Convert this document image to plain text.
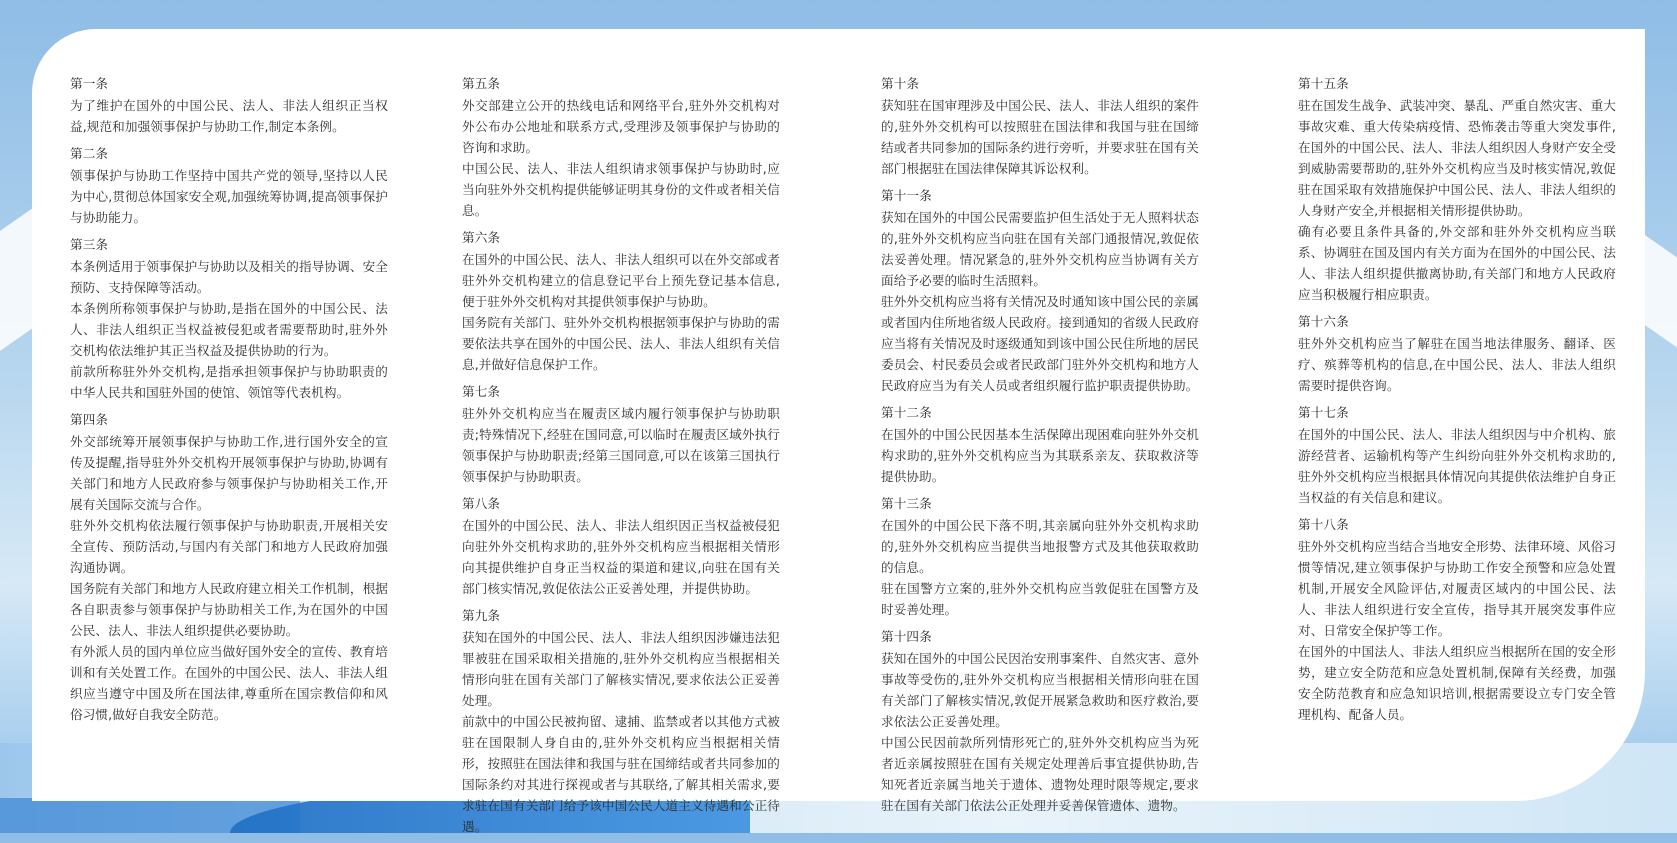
第一条

为了维护在国外的中国公民、法人、非法人组织正当权益,规范和加强领事保护与协助工作,制定本条例。

第二条

领事保护与协助工作坚持中国共产党的领导,坚持以人民为中心,贯彻总体国家安全观,加强统筹协调,提高领事保护与协助能力。

第三条

本条例适用于领事保护与协助以及相关的指导协调、安全预防、支持保障等活动。

本条例所称领事保护与协助,是指在国外的中国公民、法人、非法人组织正当权益被侵犯或者需要帮助时,驻外外交机构依法维护其正当权益及提供协助的行为。

前款所称驻外外交机构,是指承担领事保护与协助职责的中华人民共和国驻外国的使馆、领馆等代表机构。

第四条

外交部统筹开展领事保护与协助工作,进行国外安全的宣传及提醒,指导驻外外交机构开展领事保护与协助,协调有关部门和地方人民政府参与领事保护与协助相关工作,开展有关国际交流与合作。

驻外外交机构依法履行领事保护与协助职责,开展相关安全宣传、预防活动,与国内有关部门和地方人民政府加强沟通协调。

国务院有关部门和地方人民政府建立相关工作机制，根据各自职责参与领事保护与协助相关工作,为在国外的中国公民、法人、非法人组织提供必要协助。

有外派人员的国内单位应当做好国外安全的宣传、教育培训和有关处置工作。在国外的中国公民、法人、非法人组织应当遵守中国及所在国法律,尊重所在国宗教信仰和风俗习惯,做好自我安全防范。

第五条

外交部建立公开的热线电话和网络平台,驻外外交机构对外公布办公地址和联系方式,受理涉及领事保护与协助的咨询和求助。

中国公民、法人、非法人组织请求领事保护与协助时,应当向驻外外交机构提供能够证明其身份的文件或者相关信息。

第六条

在国外的中国公民、法人、非法人组织可以在外交部或者驻外外交机构建立的信息登记平台上预先登记基本信息,便于驻外外交机构对其提供领事保护与协助。

国务院有关部门、驻外外交机构根据领事保护与协助的需要依法共享在国外的中国公民、法人、非法人组织有关信息,并做好信息保护工作。

第七条

驻外外交机构应当在履责区域内履行领事保护与协助职责;特殊情况下,经驻在国同意,可以临时在履责区域外执行领事保护与协助职责;经第三国同意,可以在该第三国执行领事保护与协助职责。

第八条

在国外的中国公民、法人、非法人组织因正当权益被侵犯向驻外外交机构求助的,驻外外交机构应当根据相关情形向其提供维护自身正当权益的渠道和建议,向驻在国有关部门核实情况,敦促依法公正妥善处理，并提供协助。

第九条

获知在国外的中国公民、法人、非法人组织因涉嫌违法犯罪被驻在国采取相关措施的,驻外外交机构应当根据相关情形向驻在国有关部门了解核实情况,要求依法公正妥善处理。

前款中的中国公民被拘留、逮捕、监禁或者以其他方式被驻在国限制人身自由的,驻外外交机构应当根据相关情形，按照驻在国法律和我国与驻在国缔结或者共同参加的国际条约对其进行探视或者与其联络,了解其相关需求,要求驻在国有关部门给予该中国公民人道主义待遇和公正待遇。

第十条

获知驻在国审理涉及中国公民、法人、非法人组织的案件的,驻外外交机构可以按照驻在国法律和我国与驻在国缔结或者共同参加的国际条约进行旁听，并要求驻在国有关部门根据驻在国法律保障其诉讼权利。

第十一条

获知在国外的中国公民需要监护但生活处于无人照料状态的,驻外外交机构应当向驻在国有关部门通报情况,敦促依法妥善处理。情况紧急的,驻外外交机构应当协调有关方面给予必要的临时生活照料。

驻外外交机构应当将有关情况及时通知该中国公民的亲属或者国内住所地省级人民政府。接到通知的省级人民政府应当将有关情况及时逐级通知到该中国公民住所地的居民委员会、村民委员会或者民政部门驻外外交机构和地方人民政府应当为有关人员或者组织履行监护职责提供协助。

第十二条

在国外的中国公民因基本生活保障出现困难向驻外外交机构求助的,驻外外交机构应当为其联系亲友、获取救济等提供协助。

第十三条

在国外的中国公民下落不明,其亲属向驻外外交机构求助的,驻外外交机构应当提供当地报警方式及其他获取救助的信息。

驻在国警方立案的,驻外外交机构应当敦促驻在国警方及时妥善处理。

第十四条

获知在国外的中国公民因治安刑事案件、自然灾害、意外事故等受伤的,驻外外交机构应当根据相关情形向驻在国有关部门了解核实情况,敦促开展紧急救助和医疗救治,要求依法公正妥善处理。

中国公民因前款所列情形死亡的,驻外外交机构应当为死者近亲属按照驻在国有关规定处理善后事宜提供协助,告知死者近亲属当地关于遗体、遗物处理时限等规定,要求驻在国有关部门依法公正处理并妥善保管遗体、遗物。

第十五条

驻在国发生战争、武装冲突、暴乱、严重自然灾害、重大事故灾难、重大传染病疫情、恐怖袭击等重大突发事件,在国外的中国公民、法人、非法人组织因人身财产安全受到威胁需要帮助的,驻外外交机构应当及时核实情况,敦促驻在国采取有效措施保护中国公民、法人、非法人组织的人身财产安全,并根据相关情形提供协助。

确有必要且条件具备的,外交部和驻外外交机构应当联系、协调驻在国及国内有关方面为在国外的中国公民、法人、非法人组织提供撤离协助,有关部门和地方人民政府应当积极履行相应职责。

第十六条

驻外外交机构应当了解驻在国当地法律服务、翻译、医疗、殡葬等机构的信息,在中国公民、法人、非法人组织需要时提供咨询。

第十七条

在国外的中国公民、法人、非法人组织因与中介机构、旅游经营者、运输机构等产生纠纷向驻外外交机构求助的,驻外外交机构应当根据具体情况向其提供依法维护自身正当权益的有关信息和建议。

第十八条

驻外外交机构应当结合当地安全形势、法律环境、风俗习惯等情况,建立领事保护与协助工作安全预警和应急处置机制,开展安全风险评估,对履责区域内的中国公民、法人、非法人组织进行安全宣传，指导其开展突发事件应对、日常安全保护等工作。

在国外的中国法人、非法人组织应当根据所在国的安全形势，建立安全防范和应急处置机制,保障有关经费，加强安全防范教育和应急知识培训,根据需要设立专门安全管理机构、配备人员。
